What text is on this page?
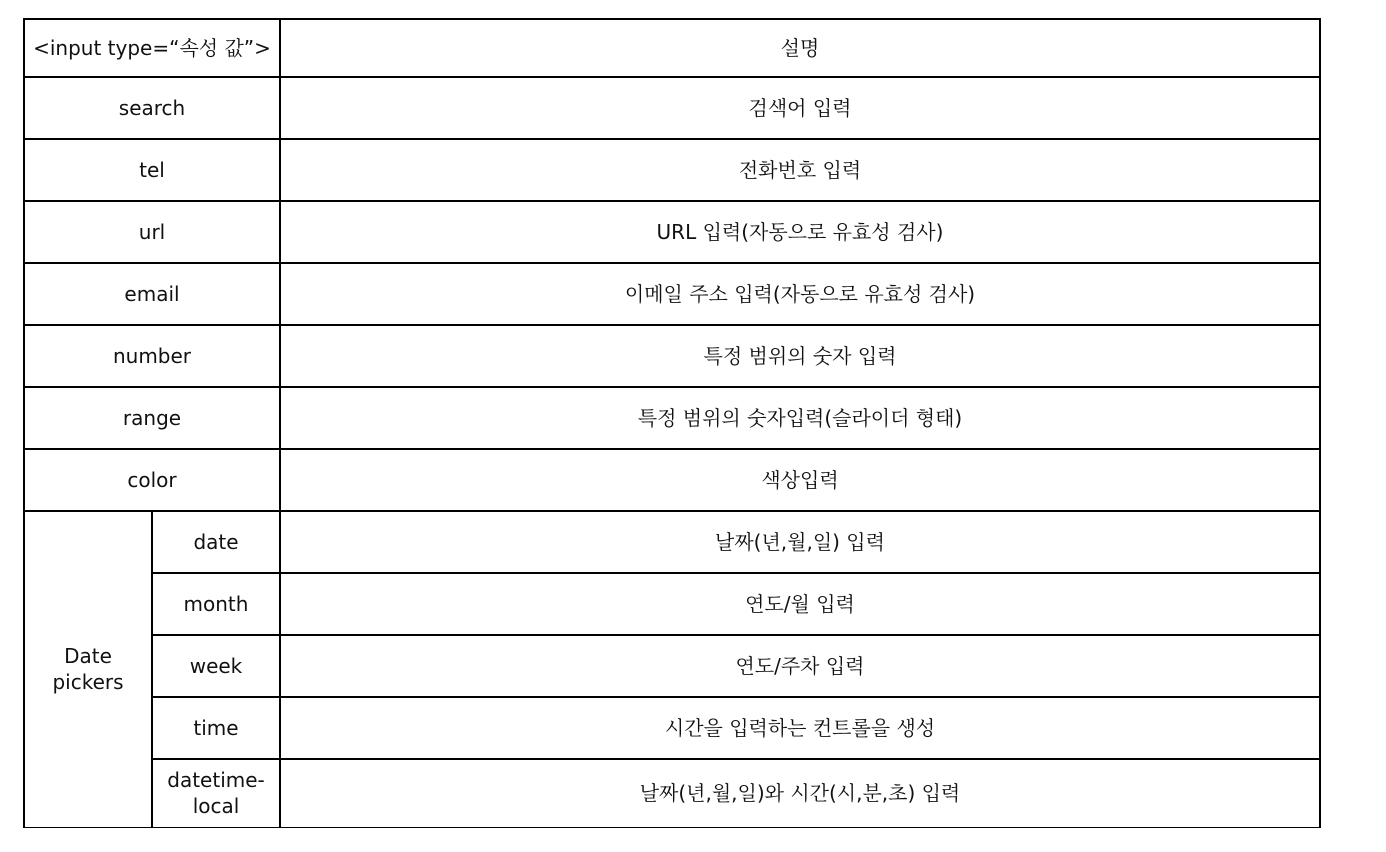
<input type=“속성 값”>		설명
search		검색어 입력
tel		전화번호 입력
url		URL 입력(자동으로 유효성 검사)
email		이메일 주소 입력(자동으로 유효성 검사)
number		특정 범위의 숫자 입력
range		특정 범위의 숫자입력(슬라이더 형태)
color		색상입력
Date pickers	date	날짜(년,월,일) 입력
	month	연도/월 입력
	week	연도/주차 입력
	time	시간을 입력하는 컨트롤을 생성
	datetime-local	날짜(년,월,일)와 시간(시,분,초) 입력
